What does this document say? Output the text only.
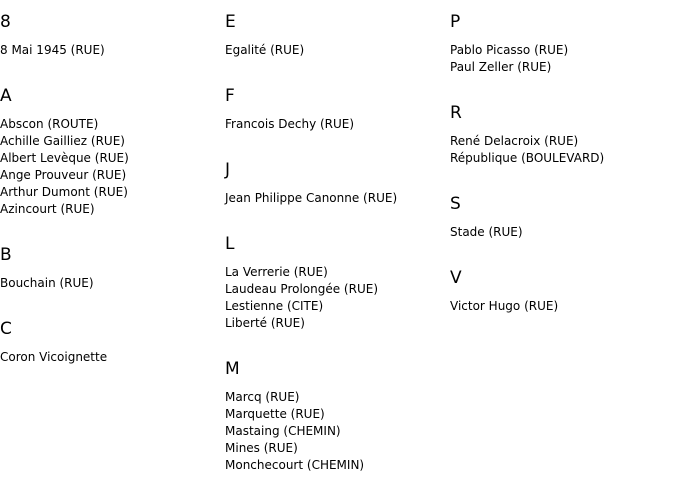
8
8 Mai 1945 (RUE)
A
Abscon (ROUTE)
Achille Gailliez (RUE)
Albert Levèque (RUE)
Ange Prouveur (RUE)
Arthur Dumont (RUE)
Azincourt (RUE)
B
Bouchain (RUE)
C
Coron Vicoignette
E
Egalité (RUE)
F
Francois Dechy (RUE)
J
Jean Philippe Canonne (RUE)
L
La Verrerie (RUE)
Laudeau Prolongée (RUE)
Lestienne (CITE)
Liberté (RUE)
M
Marcq (RUE)
Marquette (RUE)
Mastaing (CHEMIN)
Mines (RUE)
Monchecourt (CHEMIN)
P
Pablo Picasso (RUE)
Paul Zeller (RUE)
R
René Delacroix (RUE)
République (BOULEVARD)
S
Stade (RUE)
V
Victor Hugo (RUE)
